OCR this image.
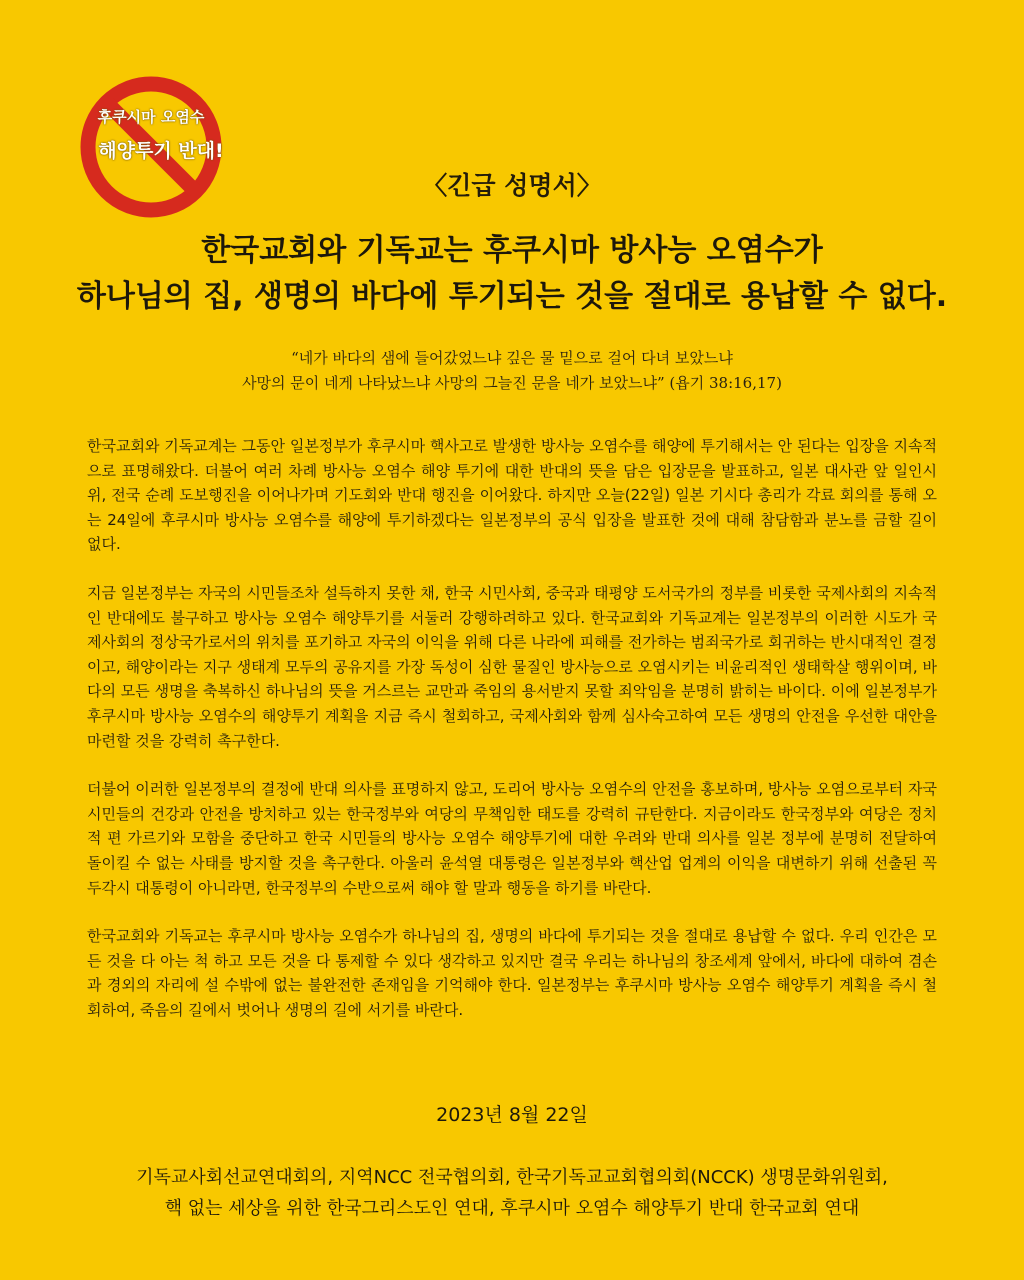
후쿠시마 오염수
해양투기 반대!
〈긴급 성명서〉
한국교회와 기독교는 후쿠시마 방사능 오염수가
하나님의 집, 생명의 바다에 투기되는 것을 절대로 용납할 수 없다.
“네가 바다의 샘에 들어갔었느냐 깊은 물 밑으로 걸어 다녀 보았느냐
사망의 문이 네게 나타났느냐 사망의 그늘진 문을 네가 보았느냐” (욥기 38:16,17)

한국교회와 기독교계는 그동안 일본정부가 후쿠시마 핵사고로 발생한 방사능 오염수를 해양에 투기해서는 안 된다는 입장을 지속적으로 표명해왔다. 더불어 여러 차례 방사능 오염수 해양 투기에 대한 반대의 뜻을 담은 입장문을 발표하고, 일본 대사관 앞 일인시위, 전국 순례 도보행진을 이어나가며 기도회와 반대 행진을 이어왔다. 하지만 오늘(22일) 일본 기시다 총리가 각료 회의를 통해 오는 24일에 후쿠시마 방사능 오염수를 해양에 투기하겠다는 일본정부의 공식 입장을 발표한 것에 대해 참담함과 분노를 금할 길이 없다.

지금 일본정부는 자국의 시민들조차 설득하지 못한 채, 한국 시민사회, 중국과 태평양 도서국가의 정부를 비롯한 국제사회의 지속적인 반대에도 불구하고 방사능 오염수 해양투기를 서둘러 강행하려하고 있다. 한국교회와 기독교계는 일본정부의 이러한 시도가 국제사회의 정상국가로서의 위치를 포기하고 자국의 이익을 위해 다른 나라에 피해를 전가하는 범죄국가로 회귀하는 반시대적인 결정이고, 해양이라는 지구 생태계 모두의 공유지를 가장 독성이 심한 물질인 방사능으로 오염시키는 비윤리적인 생태학살 행위이며, 바다의 모든 생명을 축복하신 하나님의 뜻을 거스르는 교만과 죽임의 용서받지 못할 죄악임을 분명히 밝히는 바이다. 이에 일본정부가 후쿠시마 방사능 오염수의 해양투기 계획을 지금 즉시 철회하고, 국제사회와 함께 심사숙고하여 모든 생명의 안전을 우선한 대안을 마련할 것을 강력히 촉구한다.

더불어 이러한 일본정부의 결정에 반대 의사를 표명하지 않고, 도리어 방사능 오염수의 안전을 홍보하며, 방사능 오염으로부터 자국 시민들의 건강과 안전을 방치하고 있는 한국정부와 여당의 무책임한 태도를 강력히 규탄한다. 지금이라도 한국정부와 여당은 정치적 편 가르기와 모함을 중단하고 한국 시민들의 방사능 오염수 해양투기에 대한 우려와 반대 의사를 일본 정부에 분명히 전달하여 돌이킬 수 없는 사태를 방지할 것을 촉구한다. 아울러 윤석열 대통령은 일본정부와 핵산업 업계의 이익을 대변하기 위해 선출된 꼭두각시 대통령이 아니라면, 한국정부의 수반으로써 해야 할 말과 행동을 하기를 바란다.

한국교회와 기독교는 후쿠시마 방사능 오염수가 하나님의 집, 생명의 바다에 투기되는 것을 절대로 용납할 수 없다. 우리 인간은 모든 것을 다 아는 척 하고 모든 것을 다 통제할 수 있다 생각하고 있지만 결국 우리는 하나님의 창조세계 앞에서, 바다에 대하여 겸손과 경외의 자리에 설 수밖에 없는 불완전한 존재임을 기억해야 한다. 일본정부는 후쿠시마 방사능 오염수 해양투기 계획을 즉시 철회하여, 죽음의 길에서 벗어나 생명의 길에 서기를 바란다.

2023년 8월 22일
기독교사회선교연대회의, 지역NCC 전국협의회, 한국기독교교회협의회(NCCK) 생명문화위원회,
핵 없는 세상을 위한 한국그리스도인 연대, 후쿠시마 오염수 해양투기 반대 한국교회 연대
